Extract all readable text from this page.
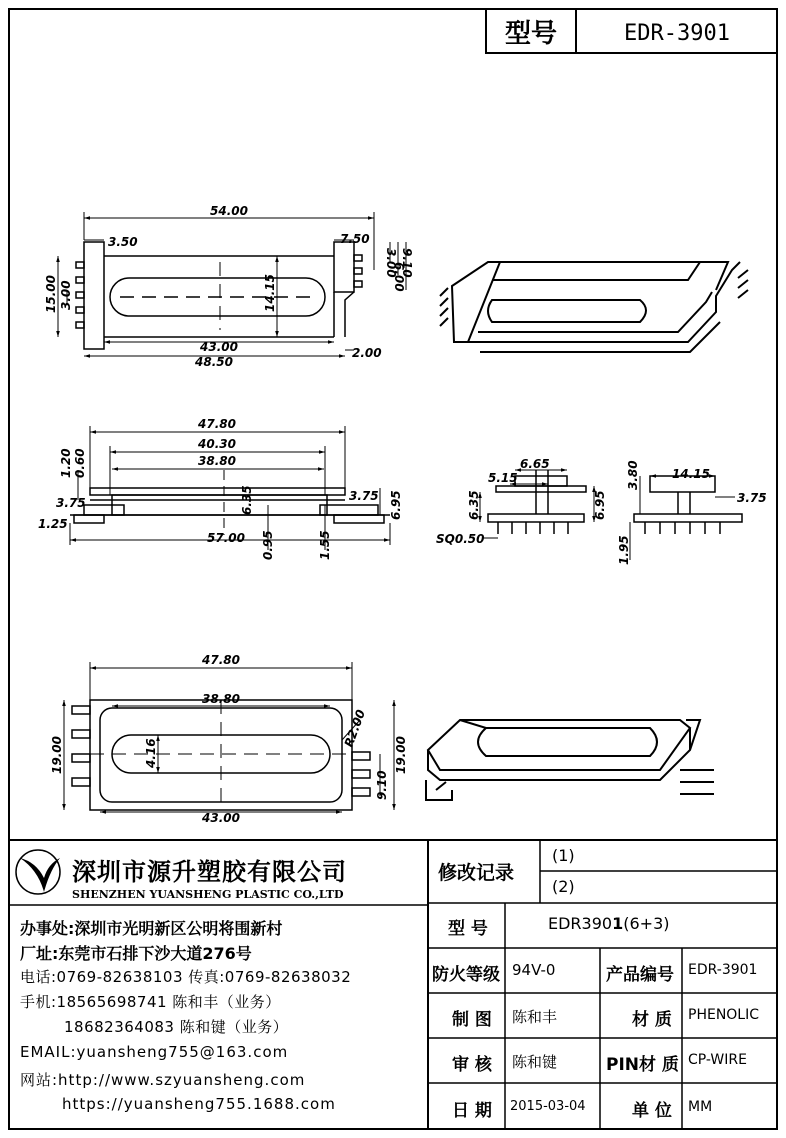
型号	EDR-3901
54.00
3.50	7.50
3.00
6.00
9.10
15.00 3.00	14.15
43.00
48.50
2.00
47.80
40.30
38.80
1.20 0.60
3.75	3.75
6.35	6.95
1.25
57.00 0.95	1.55
6.65
5.15
6.35	6.95
SQ0.50
14.15
3.80
3.75
1.95
47.80
38.80
4.16
R2.00
19.00	19.00
9.10
43.00
深圳市源升塑胶有限公司
SHENZHEN YUANSHENG PLASTIC CO.,LTD
办事处:深圳市光明新区公明将围新村
厂址:东莞市石排下沙大道276号
电话:0769-82638103 传真:0769-82638032
手机:18565698741 陈和丰（业务）
18682364083 陈和键（业务）
EMAIL:yuansheng755@163.com
网站:http://www.szyuansheng.com
https://yuansheng755.1688.com
修改记录
(1)
(2)
型 号	EDR3901(6+3)
防火等级 94V-0	产品编号 EDR-3901
制 图 陈和丰	材 质 PHENOLIC
审 核 陈和键	PIN材 质 CP-WIRE
日 期 2015-03-04	单 位 MM
